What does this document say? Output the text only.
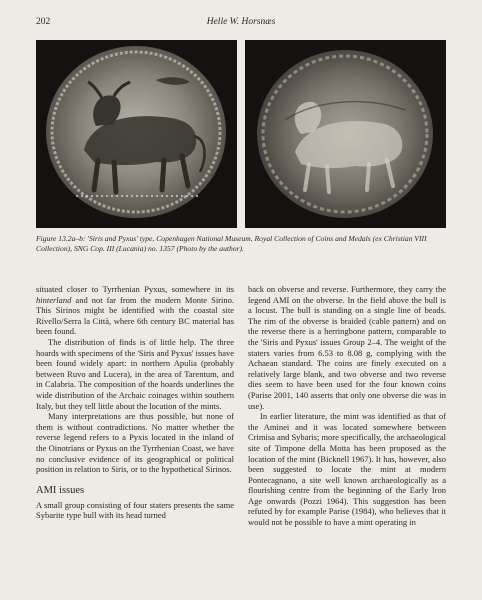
202	Helle W. Horsnæs

Figure 13.2a–b: 'Siris and Pyxus' type, Copenhagen National Museum, Royal Collection of Coins and Medals (ex Christian VIII Collection), SNG Cop. III (Lucania) no. 1357 (Photo by the author).

situated closer to Tyrrhenian Pyxus, somewhere in its hinterland and not far from the modern Monte Sirino. This Sirinos might be identified with the coastal site Rivello/Serra la Città, where 6th century BC material has been found.

The distribution of finds is of little help. The three hoards with specimens of the 'Siris and Pyxus' issues have been found widely apart: in northern Apulia (probably between Ruvo and Lucera), in the area of Tarentum, and in Calabria. The composition of the hoards underlines the wide distribution of the Archaic coinages within southern Italy, but they tell little about the location of the mints.

Many interpretations are thus possible, but none of them is without contradictions. No matter whether the reverse legend refers to a Pyxis located in the inland of the Oinotrians or Pyxus on the Tyrrhenian Coast, we have no conclusive evidence of its geographical or political position in relation to Siris, or to the hypothetical Sirinos.

AMI issues

A small group consisting of four staters presents the same Sybarite type bull with its head turned

back on obverse and reverse. Furthermore, they carry the legend AMI on the obverse. In the field above the bull is a locust. The bull is standing on a single line of beads. The rim of the obverse is braided (cable pattern) and on the reverse there is a herringbone pattern, comparable to the 'Siris and Pyxus' issues Group 2–4. The weight of the staters varies from 6.53 to 8.08 g, complying with the Achaean standard. The coins are finely executed on a relatively large blank, and two obverse and two reverse dies seem to have been used for the four known coins (Parise 2001, 140 asserts that only one obverse die was in use).

In earlier literature, the mint was identified as that of the Aminei and it was located somewhere between Crimisa and Sybaris; more specifically, the archaeological site of Timpone della Motta has been proposed as the location of the mint (Bicknell 1967). It has, however, also been suggested to locate the mint at modern Pontecagnano, a site well known archaeologically as a flourishing centre from the beginning of the Early Iron Age onwards (Pozzi 1964). This suggestion has been refuted by for example Parise (1984), who believes that it would not be possible to have a mint operating in
